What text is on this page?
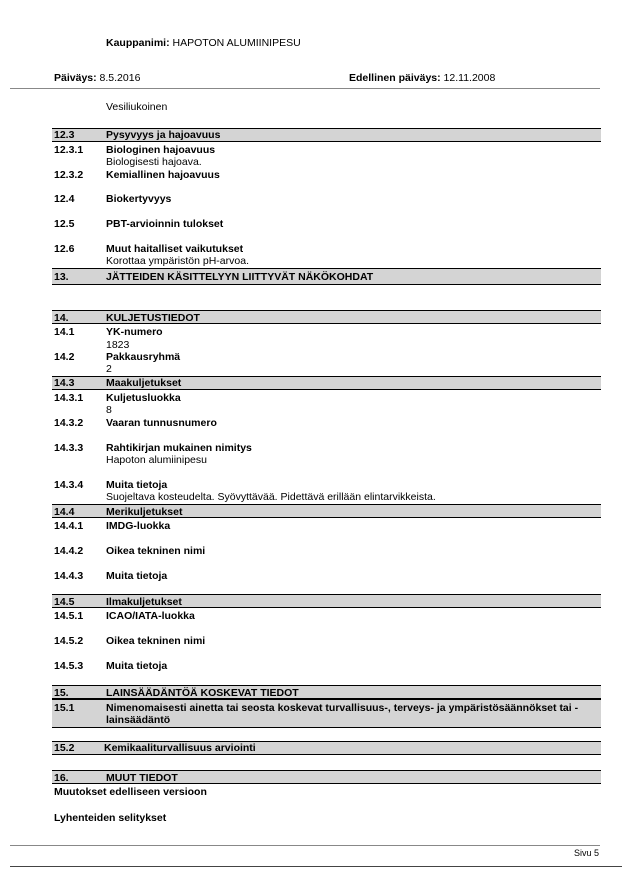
Kauppanimi: HAPOTON ALUMIINIPESU
Päiväys: 8.5.2016	Edellinen päiväys: 12.11.2008
Vesiliukoinen
12.3	Pysyvyys ja hajoavuus
12.3.1 Biologinen hajoavuus
Biologisesti hajoava.
12.3.2 Kemiallinen hajoavuus
12.4	Biokertyvyys
12.5	PBT-arvioinnin tulokset
12.6	Muut haitalliset vaikutukset
Korottaa ympäristön pH-arvoa.
13.	JÄTTEIDEN KÄSITTELYYN LIITTYVÄT NÄKÖKOHDAT
14.	KULJETUSTIEDOT
14.1	YK-numero
1823
14.2	Pakkausryhmä
2
14.3	Maakuljetukset
14.3.1 Kuljetusluokka
8
14.3.2 Vaaran tunnusnumero
14.3.3 Rahtikirjan mukainen nimitys
Hapoton alumiinipesu
14.3.4 Muita tietoja
Suojeltava kosteudelta. Syövyttävää. Pidettävä erillään elintarvikkeista.
14.4	Merikuljetukset
14.4.1 IMDG-luokka
14.4.2 Oikea tekninen nimi
14.4.3 Muita tietoja
14.5	Ilmakuljetukset
14.5.1 ICAO/IATA-luokka
14.5.2 Oikea tekninen nimi
14.5.3 Muita tietoja
15.	LAINSÄÄDÄNTÖÄ KOSKEVAT TIEDOT
15.1	Nimenomaisesti ainetta tai seosta koskevat turvallisuus-, terveys- ja ympäristösäännökset tai -
lainsäädäntö
15.2	Kemikaaliturvallisuus arviointi
16.	MUUT TIEDOT
Muutokset edelliseen versioon
Lyhenteiden selitykset
Sivu 5
